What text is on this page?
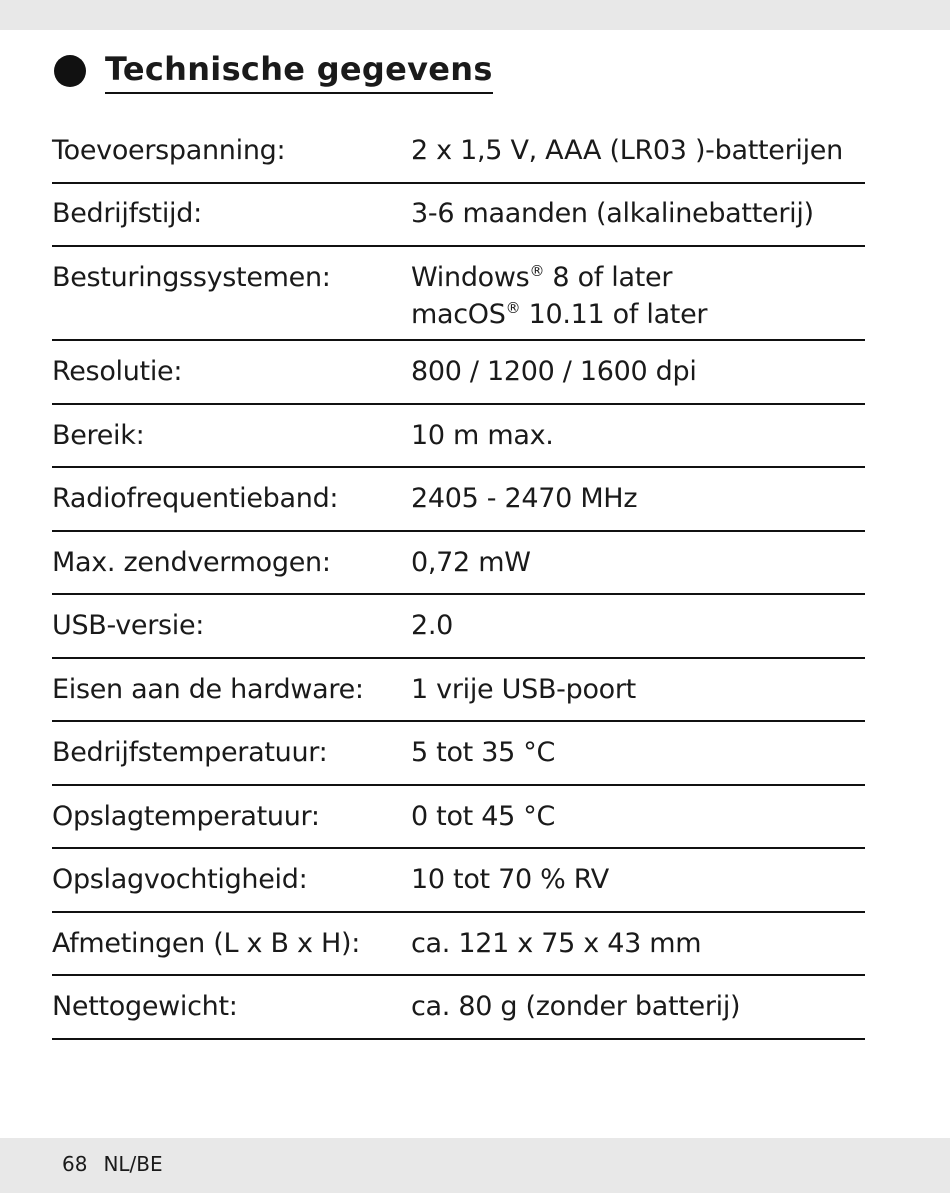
Technische gegevens
Toevoerspanning:	2 x 1,5 V, AAA (LR03 )-batterijen
Bedrijfstijd:	3-6 maanden (alkalinebatterij)
Besturingssystemen:	Windows® 8 of later
macOS® 10.11 of later
Resolutie:	800 / 1200 / 1600 dpi
Bereik:	10 m max.
Radiofrequentieband:	2405 - 2470 MHz
Max. zendvermogen:	0,72 mW
USB-versie:	2.0
Eisen aan de hardware: 1 vrije USB-poort
Bedrijfstemperatuur:	5 tot 35 °C
Opslagtemperatuur:	0 tot 45 °C
Opslagvochtigheid:	10 tot 70 % RV
Afmetingen (L x B x H): ca. 121 x 75 x 43 mm
Nettogewicht:	ca. 80 g (zonder batterij)
68 NL/BE
